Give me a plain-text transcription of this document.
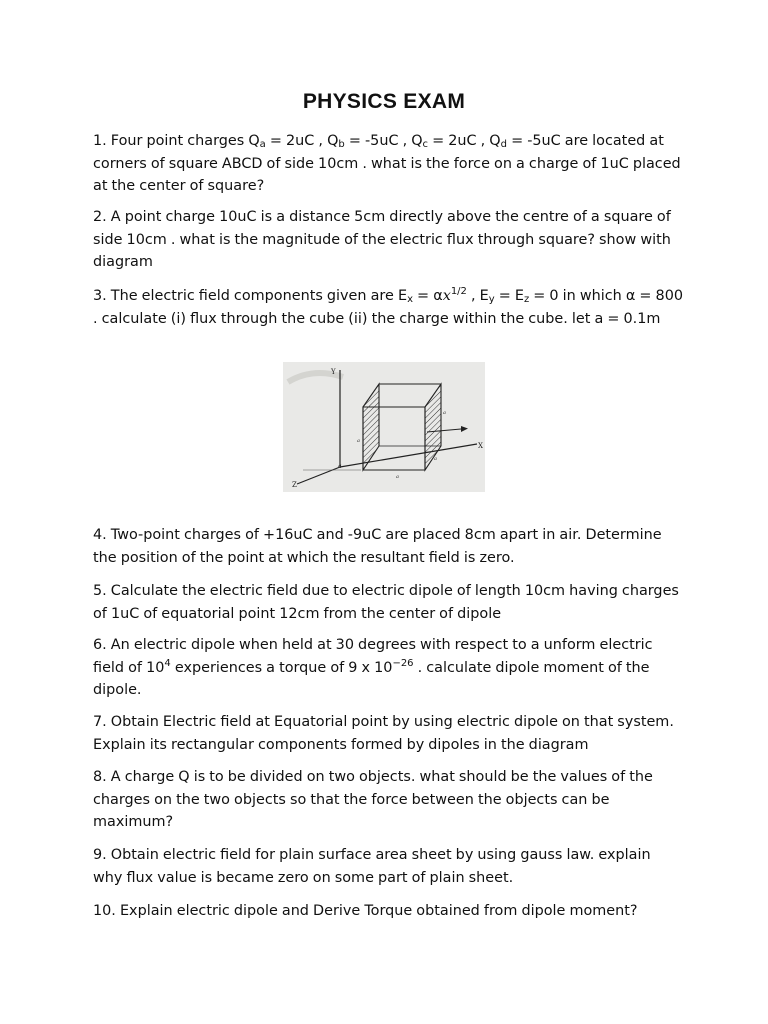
PHYSICS EXAM
1. Four point charges $Q_a = 2uC$ , $Q_b = -5uC$ , $Q_c = 2uC$ , $Q_d = -5uC$ are located at corners of square ABCD of side 10cm . what is the force on a charge of 1uC placed at the center of square?
2. A point charge 10uC is a distance 5cm directly above the centre of a square of side 10cm . what is the magnitude of the electric flux through square? show with diagram
3. The electric field components given are $E_x = \alpha x^{1/2}$ , $E_y = E_z = 0$ in which α = 800 . calculate (i) flux through the cube (ii) the charge within the cube. let a = 0.1m
Y
X
Z
a
a
a
a
a
4. Two-point charges of +16uC and -9uC are placed 8cm apart in air. Determine the position of the point at which the resultant field is zero.
5. Calculate the electric field due to electric dipole of length 10cm having charges of 1uC of equatorial point 12cm from the center of dipole
6. An electric dipole when held at 30 degrees with respect to a unform electric field of $10^4$ experiences a torque of 9 x $10^{-26}$ . calculate dipole moment of the dipole.
7. Obtain Electric field at Equatorial point by using electric dipole on that system. Explain its rectangular components formed by dipoles in the diagram
8. A charge Q is to be divided on two objects. what should be the values of the charges on the two objects so that the force between the objects can be maximum?
9. Obtain electric field for plain surface area sheet by using gauss law. explain why flux value is became zero on some part of plain sheet.
10. Explain electric dipole and Derive Torque obtained from dipole moment?
